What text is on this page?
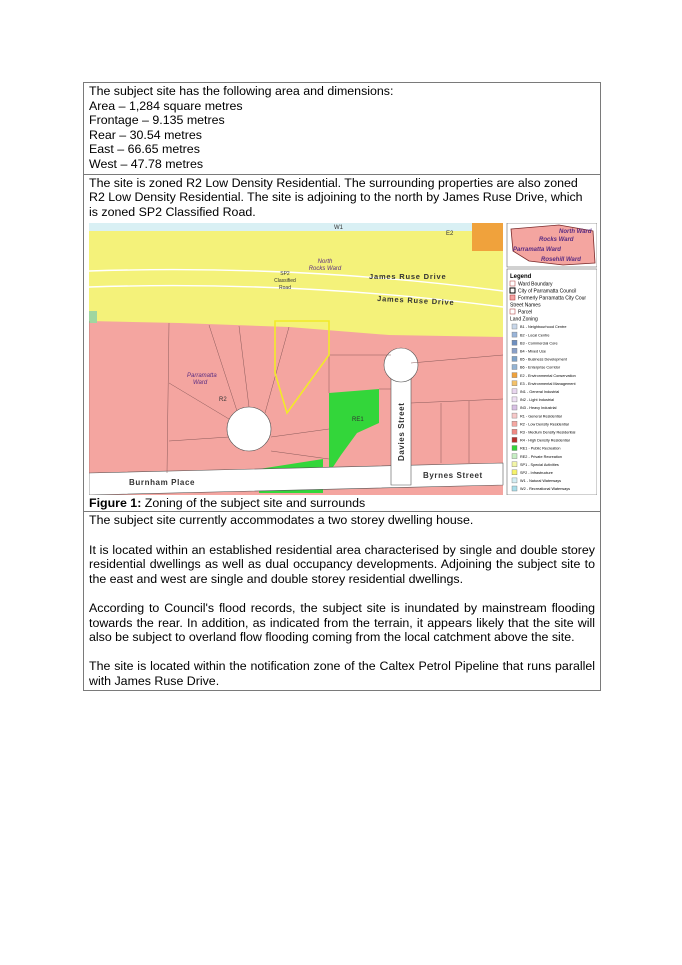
The subject site has the following area and dimensions:
Area – 1,284 square metres
Frontage – 9.135 metres
Rear – 30.54 metres
East – 66.65 metres
West – 47.78 metres
The site is zoned R2 Low Density Residential. The surrounding properties are also zoned
R2 Low Density Residential. The site is adjoining to the north by James Ruse Drive, which
is zoned SP2 Classified Road.
W1
E2
SP2
Classified
Road
North
Rocks Ward
James Ruse Drive
James Ruse Drive
Parramatta
Ward
R2
RE1	Davies Street
Burnham Place
Byrnes Street
North Ward
Rocks Ward
Parramatta Ward
Rosehill Ward
Legend
Ward Boundary
City of Parramatta Council
Formerly Parramatta City Cour
Street Names
Parcel
Land Zoning
B1 - Neighbourhood Centre
B2 - Local Centre
B3 - Commercial Core
B4 - Mixed Use
B5 - Business Development
B6 - Enterprise Corridor
E2 - Environmental Conservation
E3 - Environmental Management
IN1 - General Industrial
IN2 - Light Industrial
IN3 - Heavy Industrial
R1 - General Residential
R2 - Low Density Residential
R3 - Medium Density Residential
R4 - High Density Residential
RE1 - Public Recreation
RE2 - Private Recreation
SP1 - Special Activities
SP2 - Infrastructure
W1 - Natural Waterways
W2 - Recreational Waterways
Figure 1: Zoning of the subject site and surrounds

The subject site currently accommodates a two storey dwelling house.

It is located within an established residential area characterised by single and double storey residential dwellings as well as dual occupancy developments. Adjoining the subject site to the east and west are single and double storey residential dwellings.

According to Council's flood records, the subject site is inundated by mainstream flooding towards the rear. In addition, as indicated from the terrain, it appears likely that the site will also be subject to overland flow flooding coming from the local catchment above the site.

The site is located within the notification zone of the Caltex Petrol Pipeline that runs parallel with James Ruse Drive.
